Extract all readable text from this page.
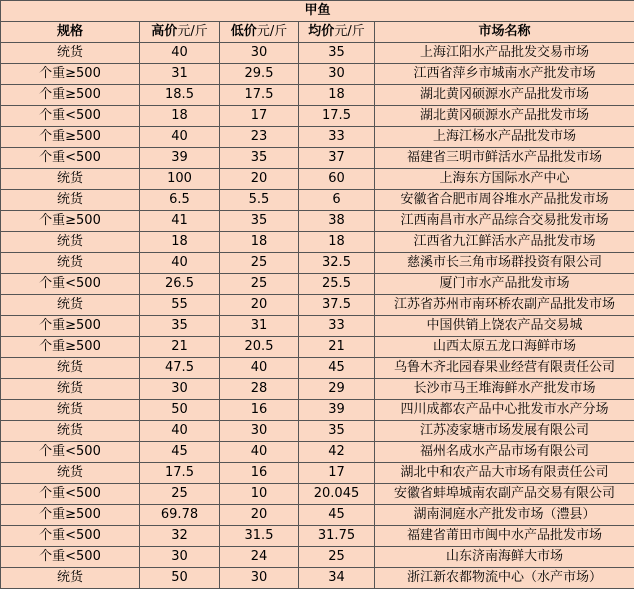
甲鱼				
规格	高价元/斤	低价元/斤	均价元/斤	市场名称
统货	40	30	35	上海江阳水产品批发交易市场
个重≥500	31	29.5	30	江西省萍乡市城南水产批发市场
个重≥500	18.5	17.5	18	湖北黄冈硕源水产品批发市场
个重<500	18	17	17.5	湖北黄冈硕源水产品批发市场
个重≥500	40	23	33	上海江杨水产品批发市场
个重<500	39	35	37	福建省三明市鲜活水产品批发市场
统货	100	20	60	上海东方国际水产中心
统货	6.5	5.5	6	安徽省合肥市周谷堆水产品批发市场
个重≥500	41	35	38	江西南昌市水产品综合交易批发市场
统货	18	18	18	江西省九江鲜活水产品批发市场
统货	40	25	32.5	慈溪市长三角市场群投资有限公司
个重<500	26.5	25	25.5	厦门市水产品批发市场
统货	55	20	37.5	江苏省苏州市南环桥农副产品批发市场
个重≥500	35	31	33	中国供销上饶农产品交易城
个重≥500	21	20.5	21	山西太原五龙口海鲜市场
统货	47.5	40	45	乌鲁木齐北园春果业经营有限责任公司
统货	30	28	29	长沙市马王堆海鲜水产批发市场
统货	50	16	39	四川成都农产品中心批发市水产分场
统货	40	30	35	江苏凌家塘市场发展有限公司
个重<500	45	40	42	福州名成水产品市场有限公司
统货	17.5	16	17	湖北中和农产品大市场有限责任公司
个重<500	25	10	20.045	安徽省蚌埠城南农副产品交易有限公司
个重≥500	69.78	20	45	湖南洞庭水产批发市场（澧县）
个重<500	32	31.5	31.75	福建省莆田市闽中水产品批发市场
个重<500	30	24	25	山东济南海鲜大市场
统货	50	30	34	浙江新农都物流中心（水产市场）
